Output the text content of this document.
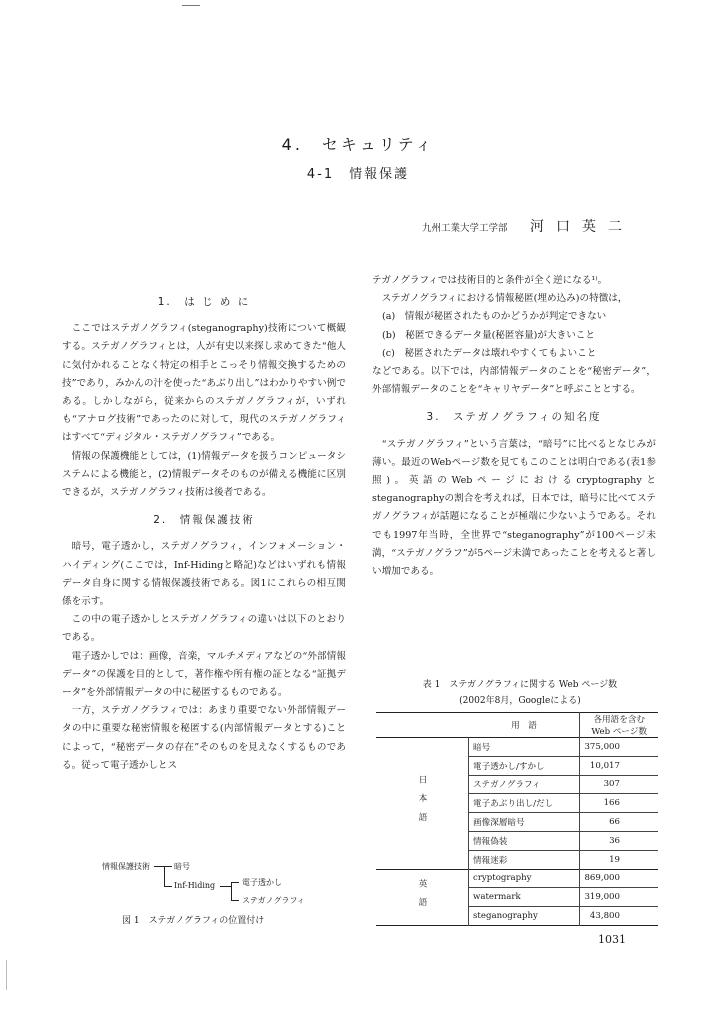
4.　セキュリティ
4-1　情報保護
九州工業大学工学部 河口英二

1.　は じ め に

ここではステガノグラフィ(steganography)技術について概観する。ステガノグラフィとは，人が有史以来探し求めてきた“他人に気付かれることなく特定の相手とこっそり情報交換するための技”であり，みかんの汁を使った“あぶり出し”はわかりやすい例である。しかしながら，従来からのステガノグラフィが，いずれも“アナログ技術”であったのに対して，現代のステガノグラフィはすべて“ディジタル・ステガノグラフィ”である。

情報の保護機能としては，(1)情報データを扱うコンピュータシステムによる機能と，(2)情報データそのものが備える機能に区別できるが，ステガノグラフィ技術は後者である。

2.　情報保護技術

暗号，電子透かし，ステガノグラフィ，インフォメーション・ハイディング(ここでは，Inf-Hidingと略記)などはいずれも情報データ自身に関する情報保護技術である。図1にこれらの相互関係を示す。

この中の電子透かしとステガノグラフィの違いは以下のとおりである。

電子透かしでは：画像，音楽，マルチメディアなどの“外部情報データ”の保護を目的として，著作権や所有権の証となる“証拠データ”を外部情報データの中に秘匿するものである。

一方，ステガノグラフィでは：あまり重要でない外部情報データの中に重要な秘密情報を秘匿する(内部情報データとする)ことによって，“秘密データの存在”そのものを見えなくするものである。従って電子透かしとス

テガノグラフィでは技術目的と条件が全く逆になる¹⁾。

ステガノグラフィにおける情報秘匿(埋め込み)の特徴は，

(a)　情報が秘匿されたものかどうかが判定できない

(b)　秘匿できるデータ量(秘匿容量)が大きいこと

(c)　秘匿されたデータは壊れやすくてもよいこと

などである。以下では，内部情報データのことを“秘密データ”，外部情報データのことを“キャリヤデータ”と呼ぶこととする。

3.　ステガノグラフィの知名度

“ステガノグラフィ”という言葉は，“暗号”に比べるとなじみが薄い。最近のWebページ数を見てもこのことは明白である(表1参照)。英語のWebページにおけるcryptographyとsteganographyの割合を考えれば，日本では，暗号に比べてステガノグラフィが話題になることが極端に少ないようである。それでも1997年当時，全世界で“steganography”が100ページ未満，“ステガノグラフ”が5ページ未満であったことを考えると著しい増加である。

情報保護技術	暗号
Inf-Hiding	電子透かし
ステガノグラフィ
図 1　ステガノグラフィの位置付け
表 1　ステガノグラフィに関する Web ページ数
(2002年8月，Googleによる)
	用　語	各用語を含む Web ページ数
日本語	暗号	375,000
	電子透かし/すかし	10,017
	ステガノグラフィ	307
	電子あぶり出し/だし	166
	画像深層暗号	66
	情報偽装	36
	情報迷彩	19
英語	cryptography	869,000
	watermark	319,000
	steganography	43,800
1031
